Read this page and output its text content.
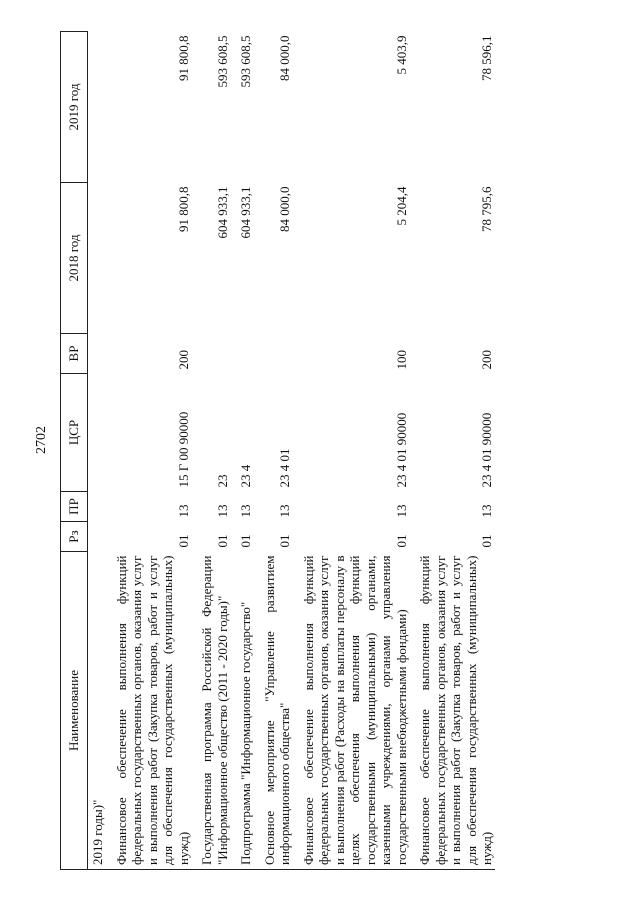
2702
Наименование	Рз	ПР	ЦСР	ВР	2018 год	2019 год
2019 годы)"						

Финансовое обеспечение выполнения функций федеральных государственных органов, оказания услуг и выполнения работ (Закупка товаров, работ и услуг для обеспечения государственных (муниципальных) нужд)	01	13	15 Г 00 90000	200	91 800,8	91 800,8

Государственная программа Российской Федерации "Информационное общество (2011 - 2020 годы)"	01	13	23		604 933,1	593 608,5

Подпрограмма "Информационное государство"	01	13	23 4		604 933,1	593 608,5

Основное мероприятие "Управление развитием информационного общества"	01	13	23 4 01		84 000,0	84 000,0

Финансовое обеспечение выполнения функций федеральных государственных органов, оказания услуг и выполнения работ (Расходы на выплаты персоналу в целях обеспечения выполнения функций государственными (муниципальными) органами, казенными учреждениями, органами управления государственными внебюджетными фондами)	01	13	23 4 01 90000	100	5 204,4	5 403,9

Финансовое обеспечение выполнения функций федеральных государственных органов, оказания услуг и выполнения работ (Закупка товаров, работ и услуг для обеспечения государственных (муниципальных) нужд)	01	13	23 4 01 90000	200	78 795,6	78 596,1
